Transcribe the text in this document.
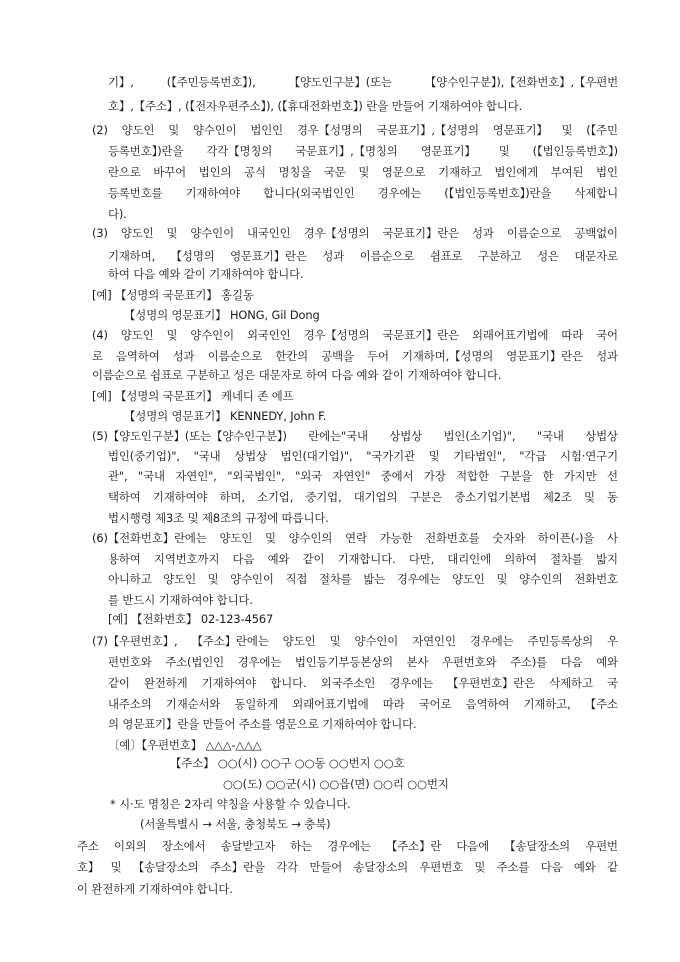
기】,	(【주민등록번호】),	【양도인구분】(또는	【양수인구분】),【전화번호】,【우편번
호】,【주소】, (【전자우편주소】), (【휴대전화번호】) 란을 만들어 기재하여야 합니다.
(2) 양도인 및 양수인이 법인인 경우【성명의 국문표기】,【성명의 영문표기】 및 (【주민
등록번호】)란을 각각【명칭의 국문표기】,【명칭의 영문표기】 및 (【법인등록번호】)
란으로 바꾸어 법인의 공식 명칭을 국문 및 영문으로 기재하고 법인에게 부여된 법인
등록번호를 기재하여야 합니다(외국법인인 경우에는 (【법인등록번호】)란을 삭제합니
다).
(3) 양도인 및 양수인이 내국인인 경우【성명의 국문표기】란은 성과 이름순으로 공백없이
기재하며, 【성명의 영문표기】란은 성과 이름순으로 쉼표로 구분하고 성은 대문자로
하여 다음 예와 같이 기재하여야 합니다.
[예] 【성명의 국문표기】 홍길동
【성명의 영문표기】 HONG, Gil Dong
(4) 양도인 및 양수인이 외국인인 경우【성명의 국문표기】란은 외래어표기법에 따라 국어
로 음역하여 성과 이름순으로 한칸의 공백을 두어 기재하며,【성명의 영문표기】란은 성과
이름순으로 쉼표로 구분하고 성은 대문자로 하여 다음 예와 같이 기재하여야 합니다.
[예] 【성명의 국문표기】 케네디 존 에프
【성명의 영문표기】 KENNEDY, John F.
(5)【양도인구분】(또는【양수인구분】) 란에는"국내 상법상 법인(소기업)", "국내 상법상
법인(중기업)", "국내 상법상 법인(대기업)", "국가기관 및 기타법인", "각급 시험·연구기
관", "국내 자연인", "외국법인", "외국 자연인" 중에서 가장 적합한 구분을 한 가지만 선
택하여 기재하여야 하며, 소기업, 중기업, 대기업의 구분은 중소기업기본법 제2조 및 동
법시행령 제3조 및 제8조의 규정에 따릅니다.
(6)【전화번호】란에는 양도인 및 양수인의 연락 가능한 전화번호를 숫자와 하이픈(-)을 사
용하여 지역번호까지 다음 예와 같이 기재합니다. 다만, 대리인에 의하여 절차를 밟지
아니하고 양도인 및 양수인이 직접 절차를 밟는 경우에는 양도인 및 양수인의 전화번호
를 반드시 기재하여야 합니다.
[예] 【전화번호】 02-123-4567
(7)【우편번호】, 【주소】란에는 양도인 및 양수인이 자연인인 경우에는 주민등록상의 우
편번호와 주소(법인인 경우에는 법인등기부등본상의 본사 우편번호와 주소)를 다음 예와
같이 완전하게 기재하여야 합니다. 외국주소인 경우에는 【우편번호】란은 삭제하고 국
내주소의 기재순서와 동일하게 외래어표기법에 따라 국어로 음역하여 기재하고, 【주소
의 영문표기】란을 만들어 주소를 영문으로 기재하여야 합니다.
〔예〕【우편번호】 △△△-△△△
【주소】 ○○(시) ○○구 ○○동 ○○번지 ○○호
○○(도) ○○군(시) ○○읍(면) ○○리 ○○번지
* 시·도 명칭은 2자리 약칭을 사용할 수 있습니다.
(서울특별시 → 서울, 충청북도 → 충북)
주소 이외의 장소에서 송달받고자 하는 경우에는 【주소】란 다음에 【송달장소의 우편번
호】 및 【송달장소의 주소】란을 각각 만들어 송달장소의 우편번호 및 주소를 다음 예와 같
이 완전하게 기재하여야 합니다.
